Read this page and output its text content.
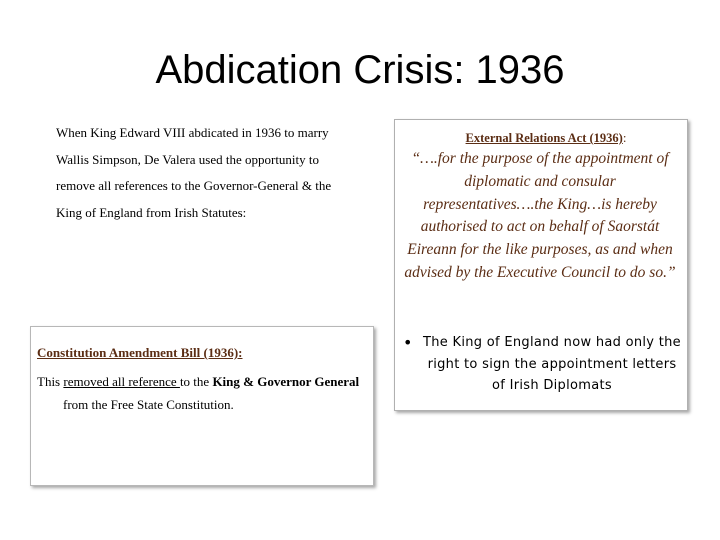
Abdication Crisis: 1936

When King Edward VIII abdicated in 1936 to marry Wallis Simpson, De Valera used the opportunity to remove all references to the Governor-General & the King of England from Irish Statutes:

Constitution Amendment Bill (1936):
This removed all reference to the King & Governor General
from the Free State Constitution.
External Relations Act (1936):
“….for the purpose of the appointment of diplomatic and consular representatives….the King…is hereby authorised to act on behalf of Saorstát Eireann for the like purposes, as and when advised by the Executive Council to do so.”
• The King of England now had only the right to sign the appointment letters of Irish Diplomats
